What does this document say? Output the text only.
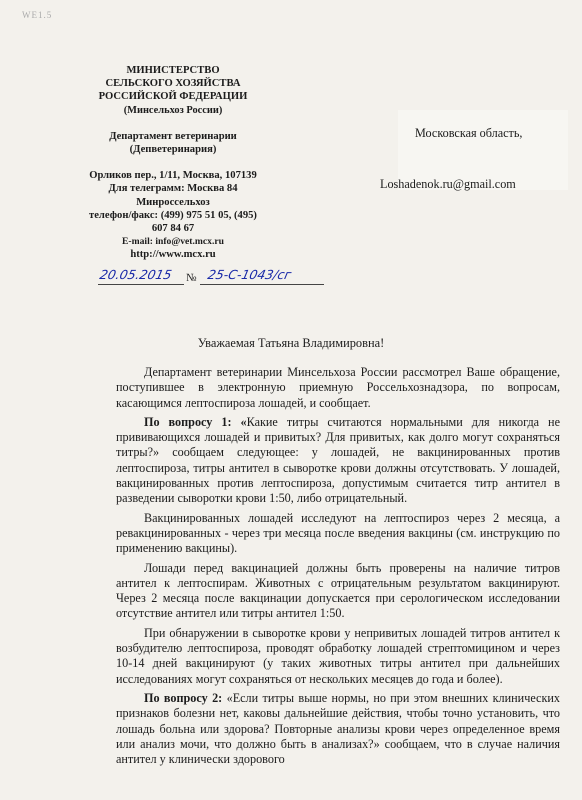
WE1.5
МИНИСТЕРСТВО
СЕЛЬСКОГО ХОЗЯЙСТВА
РОССИЙСКОЙ ФЕДЕРАЦИИ
(Минсельхоз России)
Департамент ветеринарии
(Депветеринария)
Орликов пер., 1/11, Москва, 107139
Для телеграмм: Москва 84
Минроссельхоз
телефон/факс: (499) 975 51 05, (495)
607 84 67
E-mail: info@vet.mcx.ru
http://www.mcx.ru
20.05.2015 № 25-С-1043/сг
Московская область,
Loshadenok.ru@gmail.com
Уважаемая Татьяна Владимировна!

Департамент ветеринарии Минсельхоза России рассмотрел Ваше обращение, поступившее в электронную приемную Россельхознадзора, по вопросам, касающимся лептоспироза лошадей, и сообщает.

По вопросу 1: «Какие титры считаются нормальными для никогда не прививающихся лошадей и привитых? Для привитых, как долго могут сохраняться титры?» сообщаем следующее: у лошадей, не вакцинированных против лептоспироза, титры антител в сыворотке крови должны отсутствовать. У лошадей, вакцинированных против лептоспироза, допустимым считается титр антител в разведении сыворотки крови 1:50, либо отрицательный.

Вакцинированных лошадей исследуют на лептоспироз через 2 месяца, а ревакцинированных - через три месяца после введения вакцины (см. инструкцию по применению вакцины).

Лошади перед вакцинацией должны быть проверены на наличие титров антител к лептоспирам. Животных с отрицательным результатом вакцинируют. Через 2 месяца после вакцинации допускается при серологическом исследовании отсутствие антител или титры антител 1:50.

При обнаружении в сыворотке крови у непривитых лошадей титров антител к возбудителю лептоспироза, проводят обработку лошадей стрептомицином и через 10-14 дней вакцинируют (у таких животных титры антител при дальнейших исследованиях могут сохраняться от нескольких месяцев до года и более).

По вопросу 2: «Если титры выше нормы, но при этом внешних клинических признаков болезни нет, каковы дальнейшие действия, чтобы точно установить, что лошадь больна или здорова? Повторные анализы крови через определенное время или анализ мочи, что должно быть в анализах?» сообщаем, что в случае наличия антител у клинически здорового
